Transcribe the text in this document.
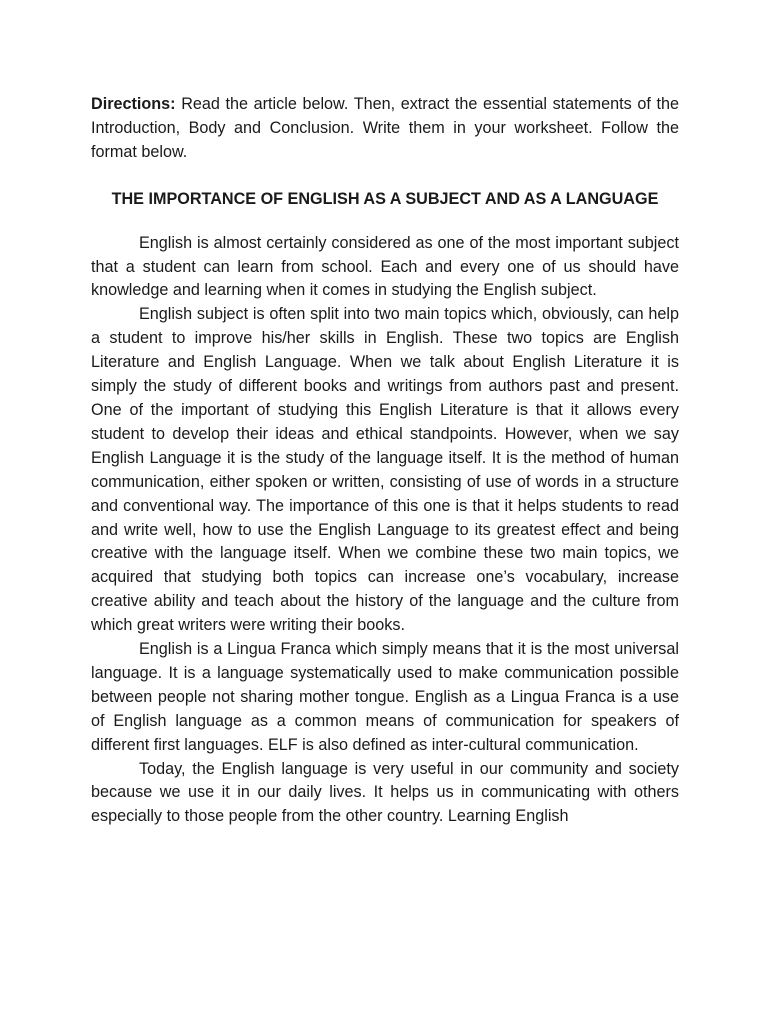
Directions: Read the article below. Then, extract the essential statements of the Introduction, Body and Conclusion. Write them in your worksheet. Follow the format below.

THE IMPORTANCE OF ENGLISH AS A SUBJECT AND AS A LANGUAGE

English is almost certainly considered as one of the most important subject that a student can learn from school. Each and every one of us should have knowledge and learning when it comes in studying the English subject.

English subject is often split into two main topics which, obviously, can help a student to improve his/her skills in English. These two topics are English Literature and English Language. When we talk about English Literature it is simply the study of different books and writings from authors past and present. One of the important of studying this English Literature is that it allows every student to develop their ideas and ethical standpoints. However, when we say English Language it is the study of the language itself. It is the method of human communication, either spoken or written, consisting of use of words in a structure and conventional way. The importance of this one is that it helps students to read and write well, how to use the English Language to its greatest effect and being creative with the language itself. When we combine these two main topics, we acquired that studying both topics can increase one’s vocabulary, increase creative ability and teach about the history of the language and the culture from which great writers were writing their books.

English is a Lingua Franca which simply means that it is the most universal language. It is a language systematically used to make communication possible between people not sharing mother tongue. English as a Lingua Franca is a use of English language as a common means of communication for speakers of different first languages. ELF is also defined as inter-cultural communication.

Today, the English language is very useful in our community and society because we use it in our daily lives. It helps us in communicating with others especially to those people from the other country. Learning English
